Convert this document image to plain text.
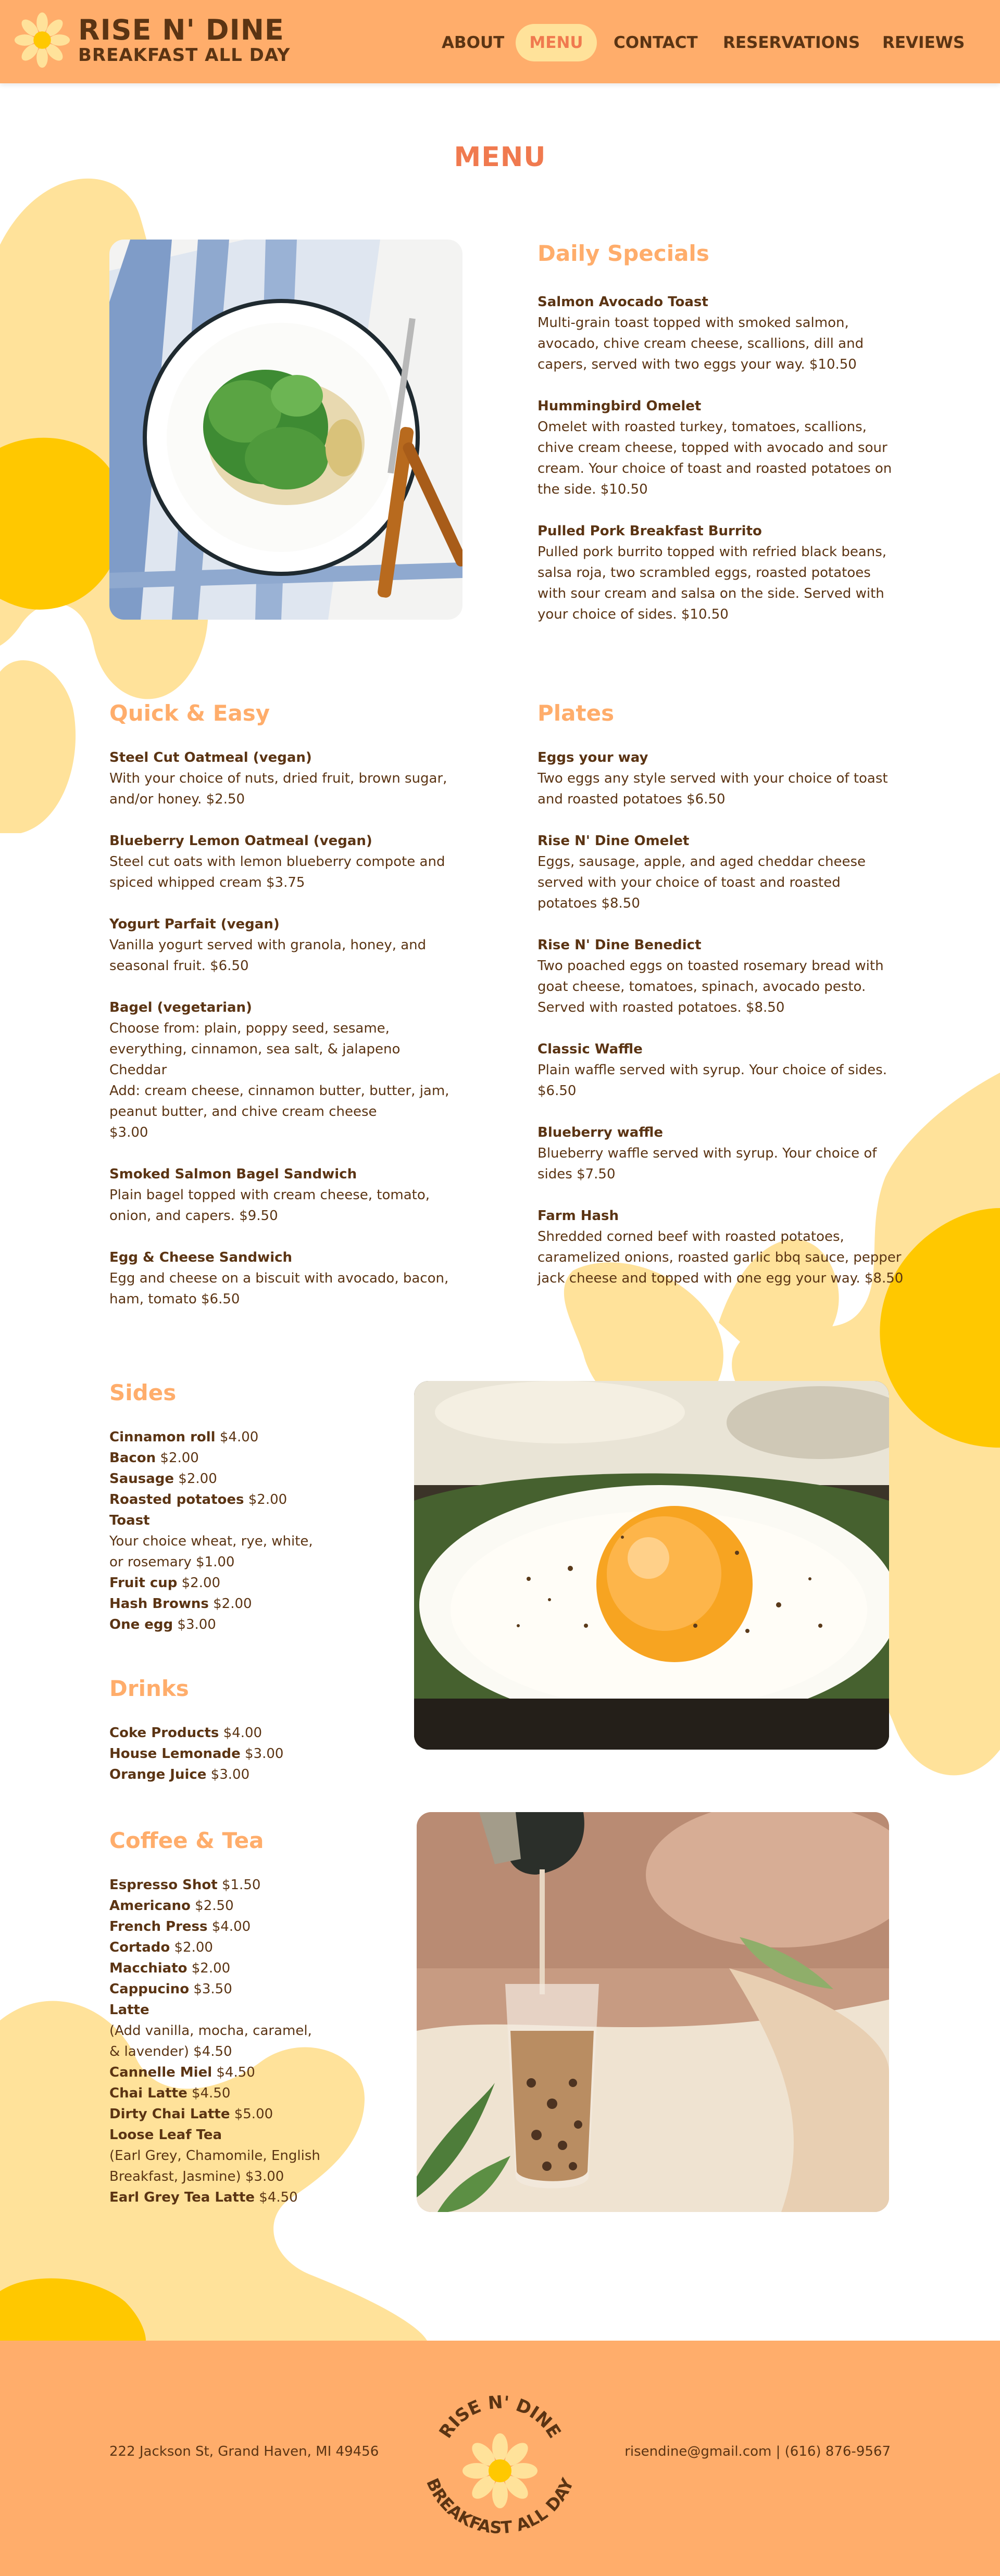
RISE N' DINE
BREAKFAST ALL DAY
ABOUT MENU CONTACT RESERVATIONS REVIEWS
MENU
Daily Specials
Salmon Avocado Toast
Multi-grain toast topped with smoked salmon,
avocado, chive cream cheese, scallions, dill and
capers, served with two eggs your way. $10.50
Hummingbird Omelet
Omelet with roasted turkey, tomatoes, scallions,
chive cream cheese, topped with avocado and sour
cream. Your choice of toast and roasted potatoes on
the side. $10.50
Pulled Pork Breakfast Burrito
Pulled pork burrito topped with refried black beans,
salsa roja, two scrambled eggs, roasted potatoes
with sour cream and salsa on the side. Served with
your choice of sides. $10.50
Quick & Easy
Steel Cut Oatmeal (vegan)
With your choice of nuts, dried fruit, brown sugar,
and/or honey. $2.50
Blueberry Lemon Oatmeal (vegan)
Steel cut oats with lemon blueberry compote and
spiced whipped cream $3.75
Yogurt Parfait (vegan)
Vanilla yogurt served with granola, honey, and
seasonal fruit. $6.50
Bagel (vegetarian)
Choose from: plain, poppy seed, sesame,
everything, cinnamon, sea salt, & jalapeno
Cheddar
Add: cream cheese, cinnamon butter, butter, jam,
peanut butter, and chive cream cheese
$3.00
Smoked Salmon Bagel Sandwich
Plain bagel topped with cream cheese, tomato,
onion, and capers. $9.50
Egg & Cheese Sandwich
Egg and cheese on a biscuit with avocado, bacon,
ham, tomato $6.50
Plates
Eggs your way
Two eggs any style served with your choice of toast
and roasted potatoes $6.50
Rise N' Dine Omelet
Eggs, sausage, apple, and aged cheddar cheese
served with your choice of toast and roasted
potatoes $8.50
Rise N' Dine Benedict
Two poached eggs on toasted rosemary bread with
goat cheese, tomatoes, spinach, avocado pesto.
Served with roasted potatoes. $8.50
Classic Waffle
Plain waffle served with syrup. Your choice of sides.
$6.50
Blueberry waffle
Blueberry waffle served with syrup. Your choice of
sides $7.50
Farm Hash
Shredded corned beef with roasted potatoes,
caramelized onions, roasted garlic bbq sauce, pepper
jack cheese and topped with one egg your way. $8.50
Sides
Cinnamon roll $4.00
Bacon $2.00
Sausage $2.00
Roasted potatoes $2.00
Toast
Your choice wheat, rye, white,
or rosemary $1.00
Fruit cup $2.00
Hash Browns $2.00
One egg $3.00
Drinks
Coke Products $4.00
House Lemonade $3.00
Orange Juice $3.00
Coffee & Tea
Espresso Shot $1.50
Americano $2.50
French Press $4.00
Cortado $2.00
Macchiato $2.00
Cappucino $3.50
Latte
(Add vanilla, mocha, caramel,
& lavender) $4.50
Cannelle Miel $4.50
Chai Latte $4.50
Dirty Chai Latte $5.00
Loose Leaf Tea
(Earl Grey, Chamomile, English
Breakfast, Jasmine) $3.00
Earl Grey Tea Latte $4.50
222 Jackson St, Grand Haven, MI 49456
RISE N' DINE
BREAKFAST ALL DAY
risendine@gmail.com | (616) 876-9567
